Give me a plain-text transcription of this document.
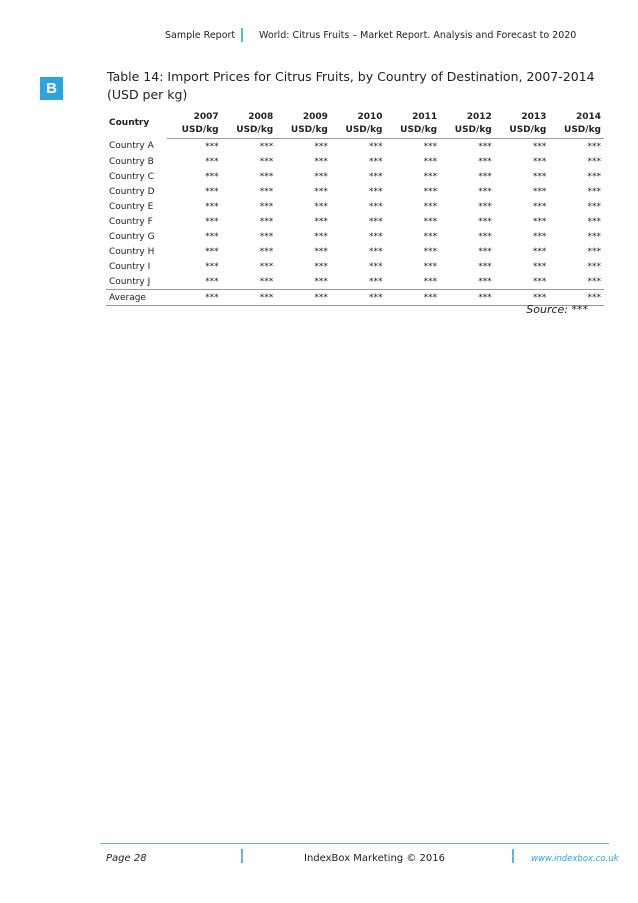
Sample Report	World: Citrus Fruits – Market Report. Analysis and Forecast to 2020
B
Table 14: Import Prices for Citrus Fruits, by Country of Destination, 2007-2014
(USD per kg)
Country	2007	2008	2009	2010	2011	2012	2013	2014
	USD/kg	USD/kg	USD/kg	USD/kg	USD/kg	USD/kg	USD/kg	USD/kg
Country A	***	***	***	***	***	***	***	***
Country B	***	***	***	***	***	***	***	***
Country C	***	***	***	***	***	***	***	***
Country D	***	***	***	***	***	***	***	***
Country E	***	***	***	***	***	***	***	***
Country F	***	***	***	***	***	***	***	***
Country G	***	***	***	***	***	***	***	***
Country H	***	***	***	***	***	***	***	***
Country I	***	***	***	***	***	***	***	***
Country J	***	***	***	***	***	***	***	***
Average	***	***	***	***	***	***	***	***
Source: ***
Page 28	IndexBox Marketing © 2016	www.indexbox.co.uk
